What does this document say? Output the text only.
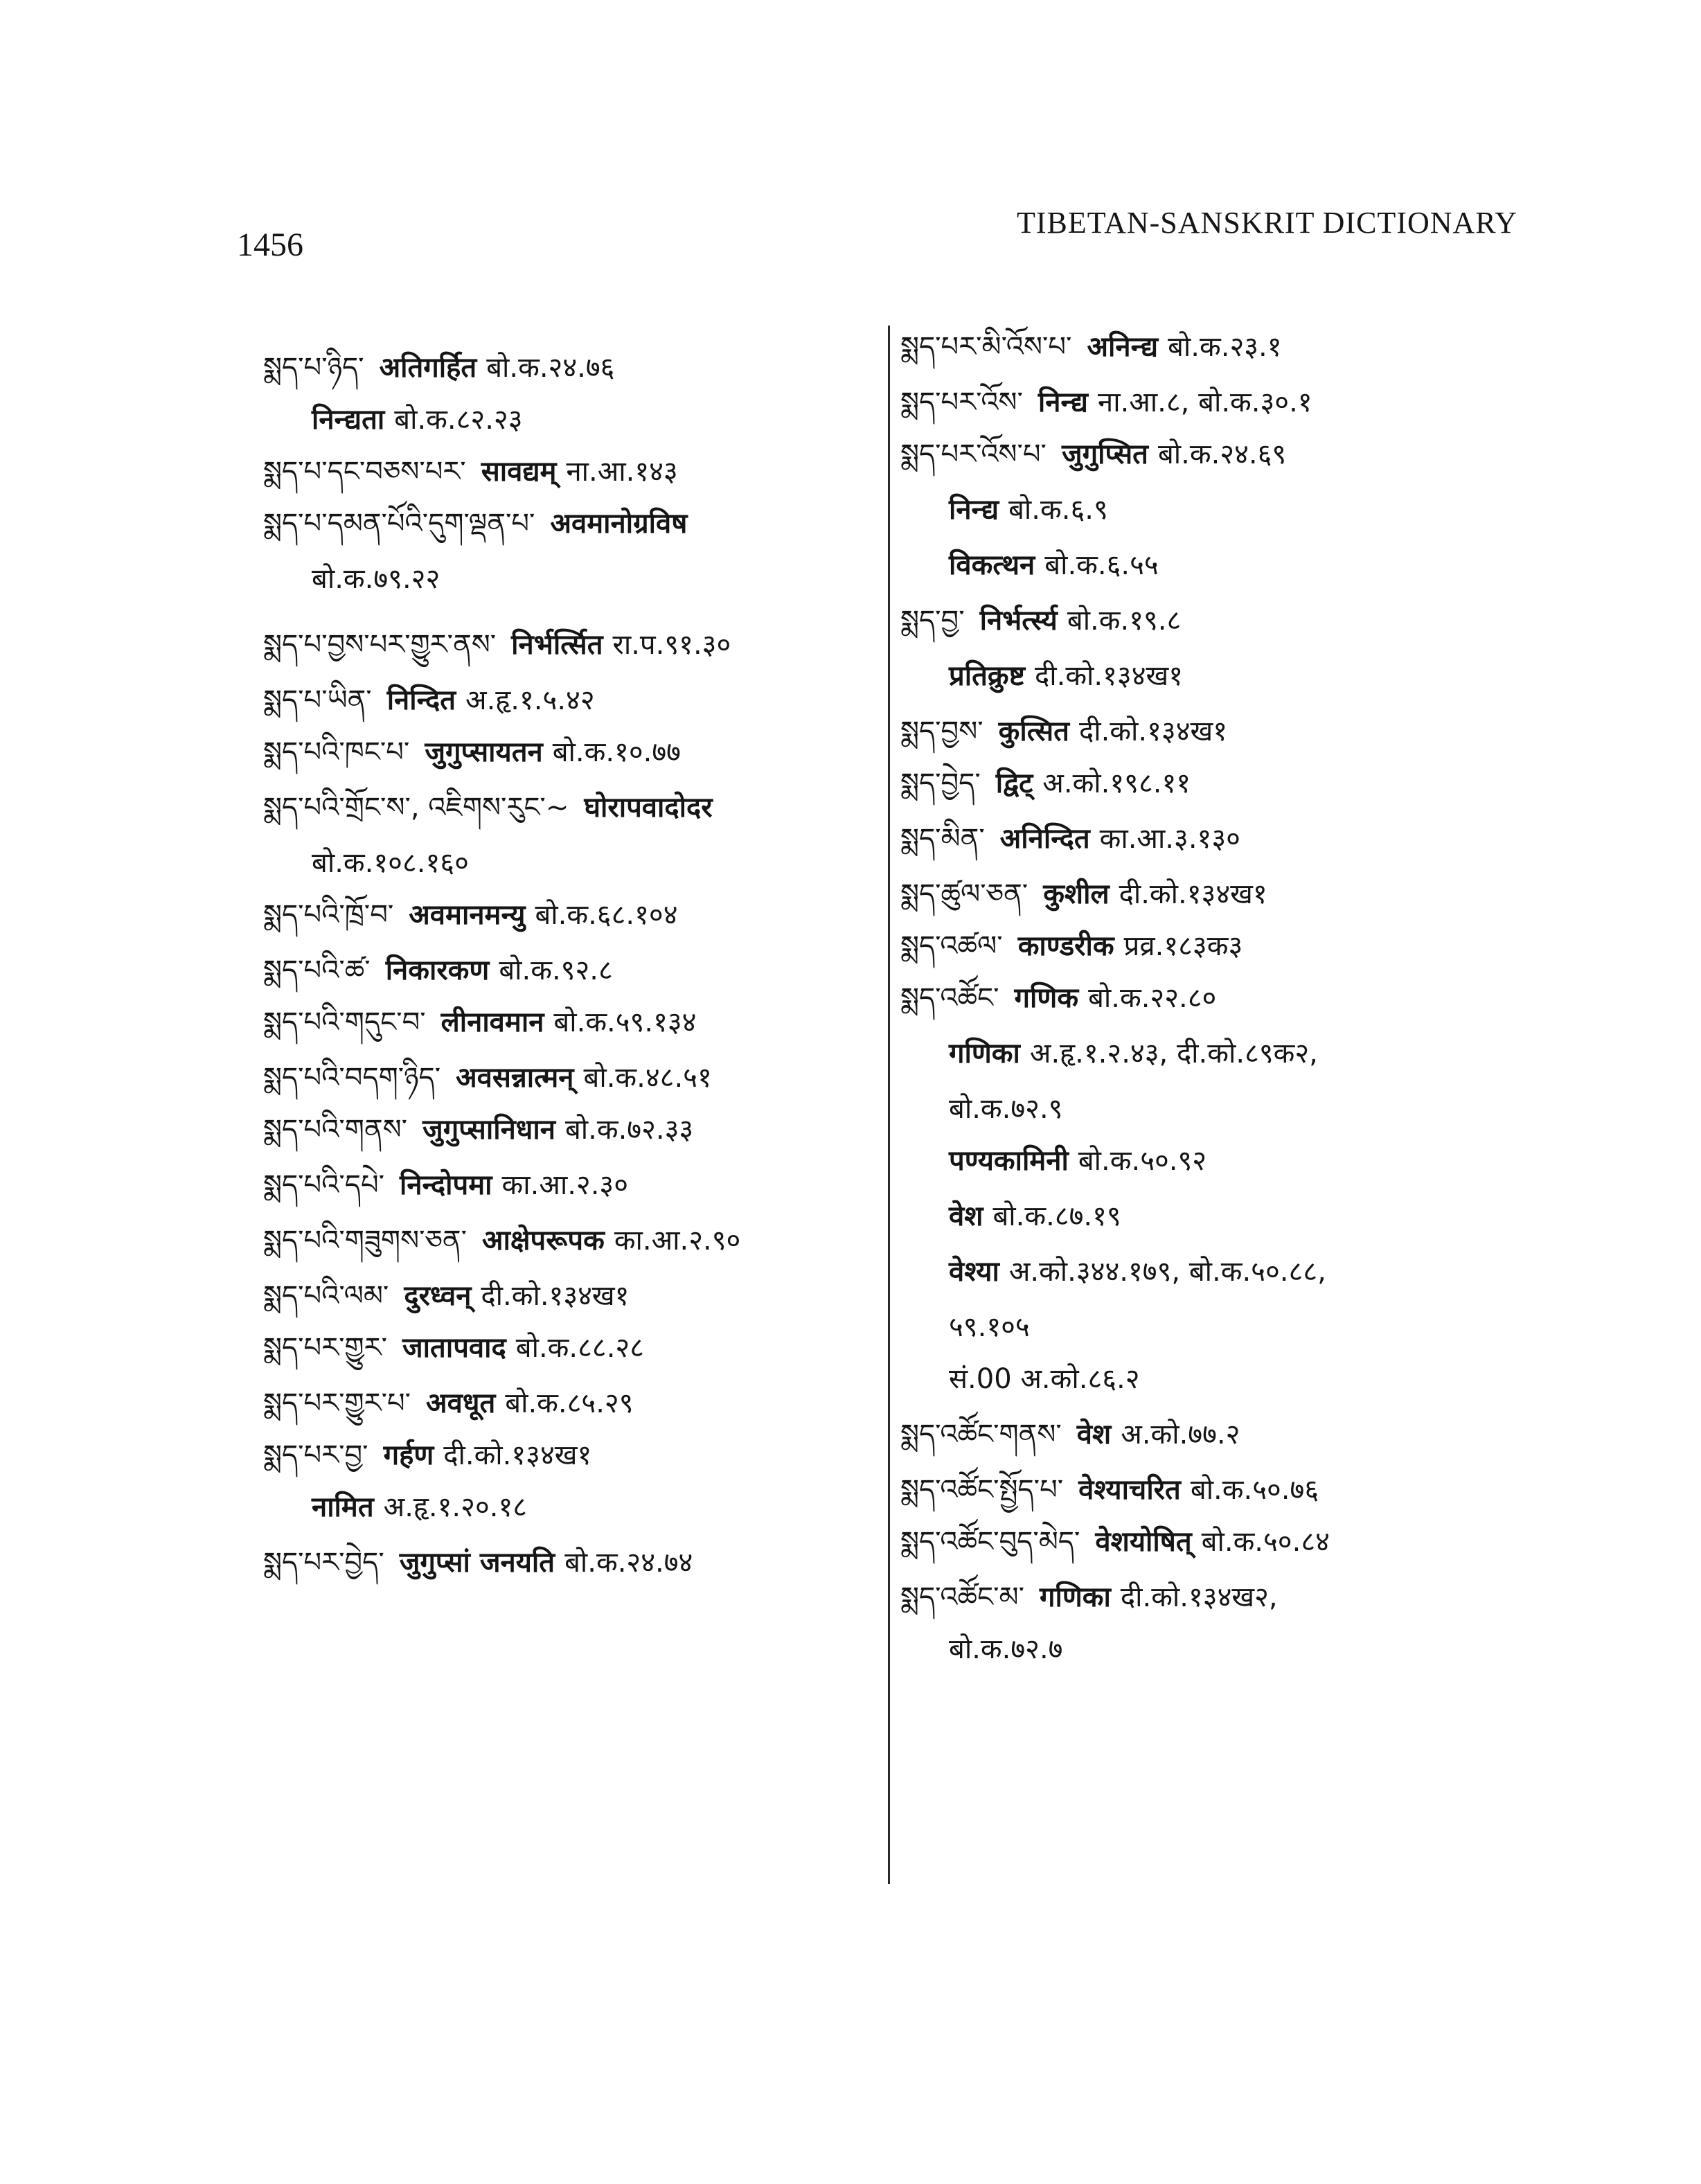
1456
TIBETAN-SANSKRIT DICTIONARY
སྨད་པ་ཉིད་ अतिगर्हित बो.क.२४.७६
निन्द्यता बो.क.८२.२३
སྨད་པ་དང་བཅས་པར་ सावद्यम् ना.आ.१४३
སྨད་པ་དམན་པོའི་དུག་ལྡན་པ་ अवमानोग्रविष
बो.क.७९.२२
སྨད་པ་བྱས་པར་གྱུར་ནས་ निर्भर्त्सित रा.प.९१.३०
སྨད་པ་ཡིན་ निन्दित अ.हृ.१.५.४२
སྨད་པའི་ཁང་པ་ जुगुप्सायतन बो.क.१०.७७
སྨད་པའི་གྲོང་ས་, འཇིགས་རུང་~ घोरापवादोदर
बो.क.१०८.१६०
སྨད་པའི་ཁྲོ་བ་ अवमानमन्यु बो.क.६८.१०४
སྨད་པའི་ཚ་ निकारकण बो.क.९२.८
སྨད་པའི་གདུང་བ་ लीनावमान बो.क.५९.१३४
སྨད་པའི་བདག་ཉིད་ अवसन्नात्मन् बो.क.४८.५१
སྨད་པའི་གནས་ जुगुप्सानिधान बो.क.७२.३३
སྨད་པའི་དཔེ་ निन्दोपमा का.आ.२.३०
སྨད་པའི་གཟུགས་ཅན་ आक्षेपरूपक का.आ.२.९०
སྨད་པའི་ལམ་ दुरध्वन् दी.को.१३४ख१
སྨད་པར་གྱུར་ जातापवाद बो.क.८८.२८
སྨད་པར་གྱུར་པ་ अवधूत बो.क.८५.२९
སྨད་པར་བྱ་ गर्हण दी.को.१३४ख१
नामित अ.हृ.१.२०.१८
སྨད་པར་བྱེད་ जुगुप्सां जनयति बो.क.२४.७४
སྨད་པར་མི་འོས་པ་ अनिन्द्य बो.क.२३.१
སྨད་པར་འོས་ निन्द्य ना.आ.८, बो.क.३०.१
སྨད་པར་འོས་པ་ जुगुप्सित बो.क.२४.६९
निन्द्य बो.क.६.९
विकत्थन बो.क.६.५५
སྨད་བྱ་ निर्भर्त्स्य बो.क.१९.८
प्रतिक्रुष्ट दी.को.१३४ख१
སྨད་བྱས་ कुत्सित दी.को.१३४ख१
སྨད་བྱེད་ द्विट् अ.को.१९८.११
སྨད་མིན་ अनिन्दित का.आ.३.१३०
སྨད་ཚུལ་ཅན་ कुशील दी.को.१३४ख१
སྨད་འཚལ་ काण्डरीक प्रव्र.१८३क३
སྨད་འཚོང་ गणिक बो.क.२२.८०
गणिका अ.हृ.१.२.४३, दी.को.८९क२,
बो.क.७२.९
पण्यकामिनी बो.क.५०.९२
वेश बो.क.८७.१९
वेश्या अ.को.३४४.१७९, बो.क.५०.८८,
५९.१०५
सं.00 अ.को.८६.२
སྨད་འཚོང་གནས་ वेश अ.को.७७.२
སྨད་འཚོང་སྤྱོད་པ་ वेश्याचरित बो.क.५०.७६
སྨད་འཚོང་བུད་མེད་ वेशयोषित् बो.क.५०.८४
སྨད་འཚོང་མ་ गणिका दी.को.१३४ख२,
बो.क.७२.७
